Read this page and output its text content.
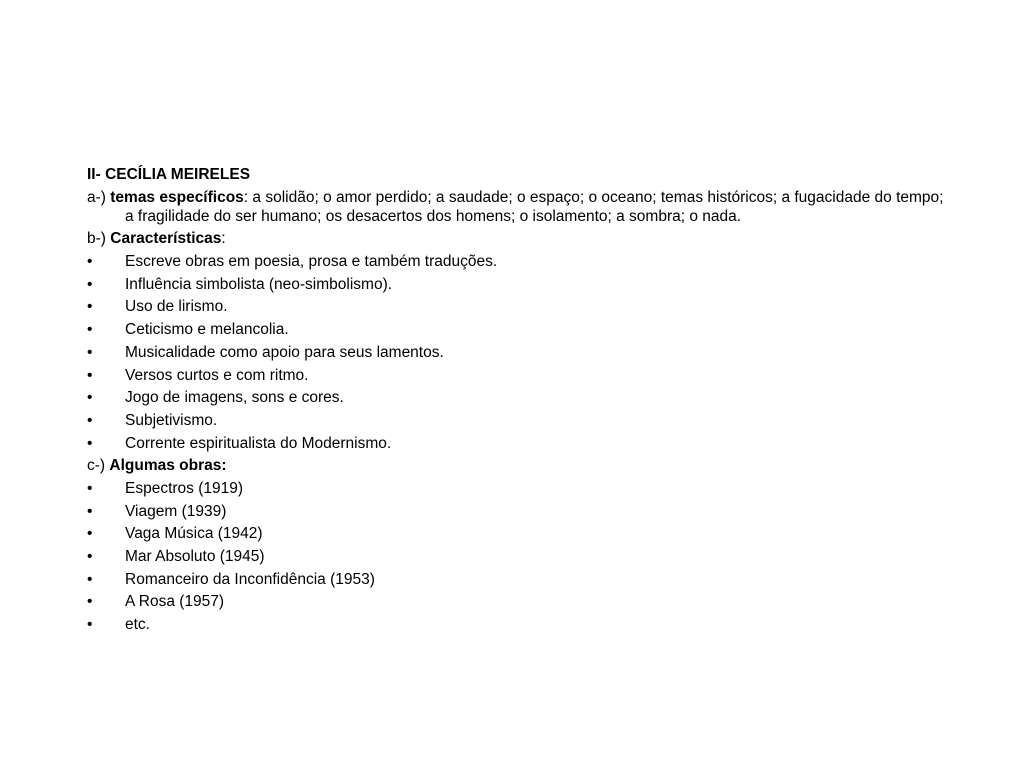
II- CECÍLIA MEIRELES
a-) temas específicos: a solidão; o amor perdido; a saudade; o espaço; o oceano; temas históricos; a fugacidade do tempo; a fragilidade do ser humano; os desacertos dos homens; o isolamento; a sombra; o nada.
b-) Características:
•	Escreve obras em poesia, prosa e também traduções.
•	Influência simbolista (neo-simbolismo).
•	Uso de lirismo.
•	Ceticismo e melancolia.
•	Musicalidade como apoio para seus lamentos.
•	Versos curtos e com ritmo.
•	Jogo de imagens, sons e cores.
•	Subjetivismo.
•	Corrente espiritualista do Modernismo.
c-) Algumas obras:
•	Espectros (1919)
•	Viagem (1939)
•	Vaga Música (1942)
•	Mar Absoluto (1945)
•	Romanceiro da Inconfidência (1953)
•	A Rosa (1957)
•	etc.
